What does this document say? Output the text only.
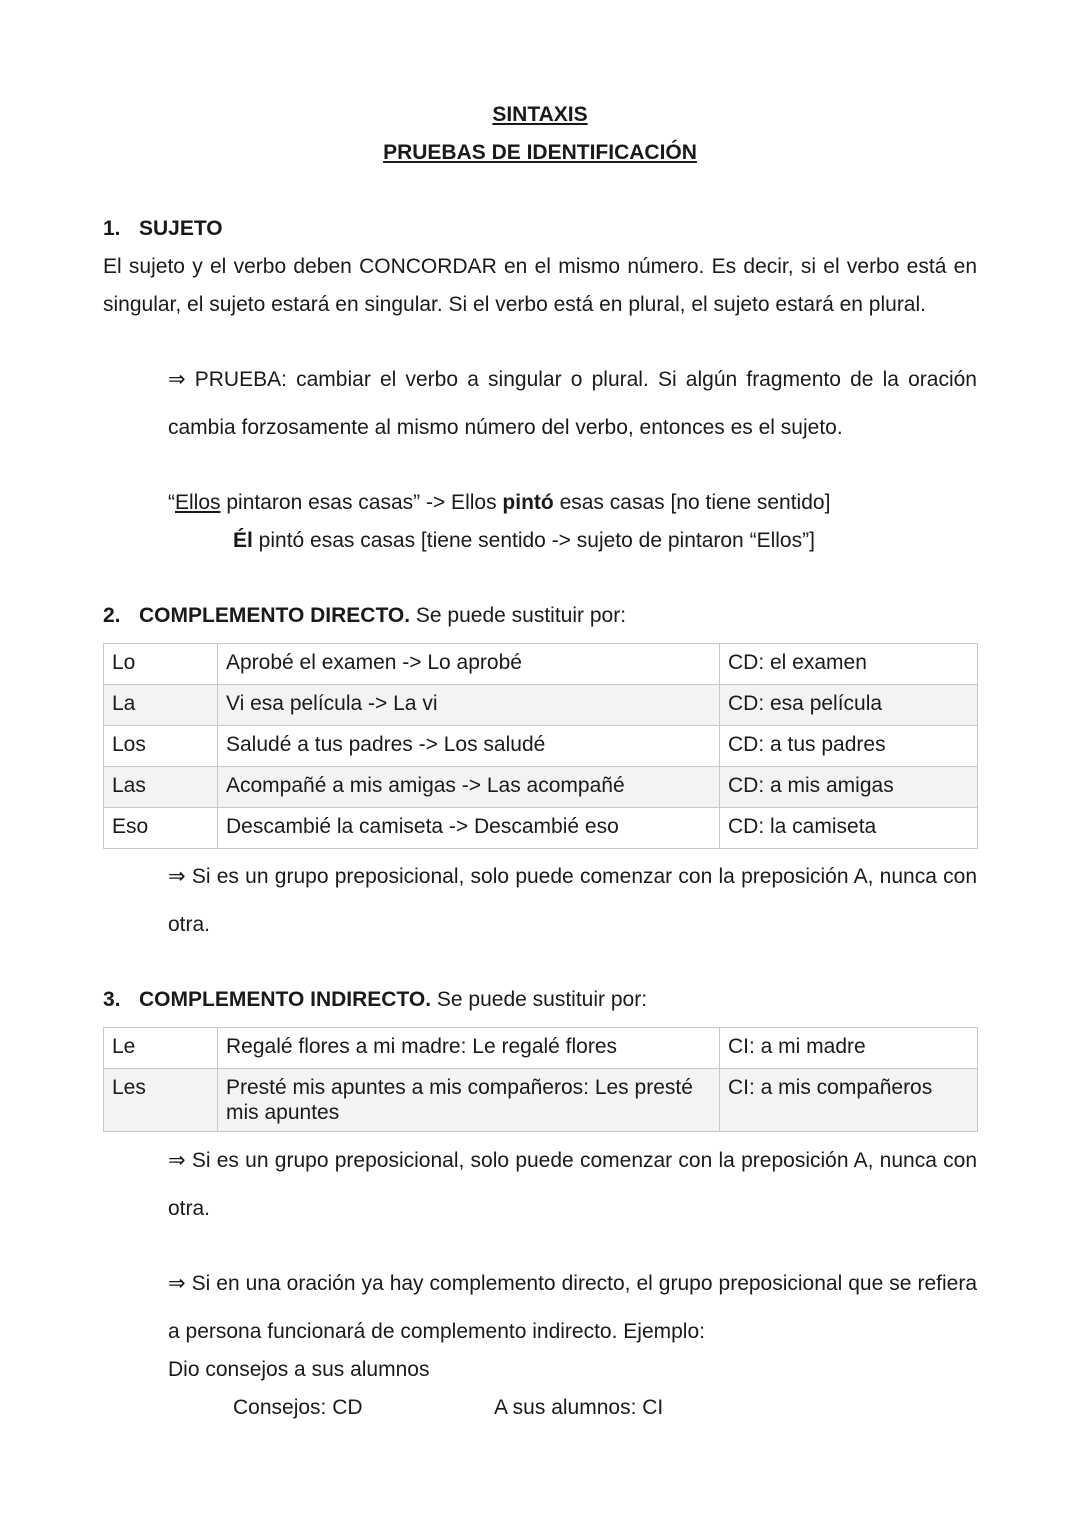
SINTAXIS
PRUEBAS DE IDENTIFICACIÓN
1. SUJETO
El sujeto y el verbo deben CONCORDAR en el mismo número. Es decir, si el verbo está en singular, el sujeto estará en singular. Si el verbo está en plural, el sujeto estará en plural.
⇒ PRUEBA: cambiar el verbo a singular o plural. Si algún fragmento de la oración cambia forzosamente al mismo número del verbo, entonces es el sujeto.
“Ellos pintaron esas casas” -> Ellos pintó esas casas [no tiene sentido]
Él pintó esas casas [tiene sentido -> sujeto de pintaron “Ellos”]
2. COMPLEMENTO DIRECTO. Se puede sustituir por:
Lo	Aprobé el examen -> Lo aprobé	CD: el examen
La	Vi esa película -> La vi	CD: esa película
Los	Saludé a tus padres -> Los saludé	CD: a tus padres
Las	Acompañé a mis amigas -> Las acompañé	CD: a mis amigas
Eso	Descambié la camiseta -> Descambié eso	CD: la camiseta
⇒ Si es un grupo preposicional, solo puede comenzar con la preposición A, nunca con otra.
3. COMPLEMENTO INDIRECTO. Se puede sustituir por:
Le	Regalé flores a mi madre: Le regalé flores	CI: a mi madre
Les	Presté mis apuntes a mis compañeros: Les presté mis apuntes	CI: a mis compañeros
⇒ Si es un grupo preposicional, solo puede comenzar con la preposición A, nunca con otra.
⇒ Si en una oración ya hay complemento directo, el grupo preposicional que se refiera a persona funcionará de complemento indirecto. Ejemplo:
Dio consejos a sus alumnos
Consejos: CD	A sus alumnos: CI
